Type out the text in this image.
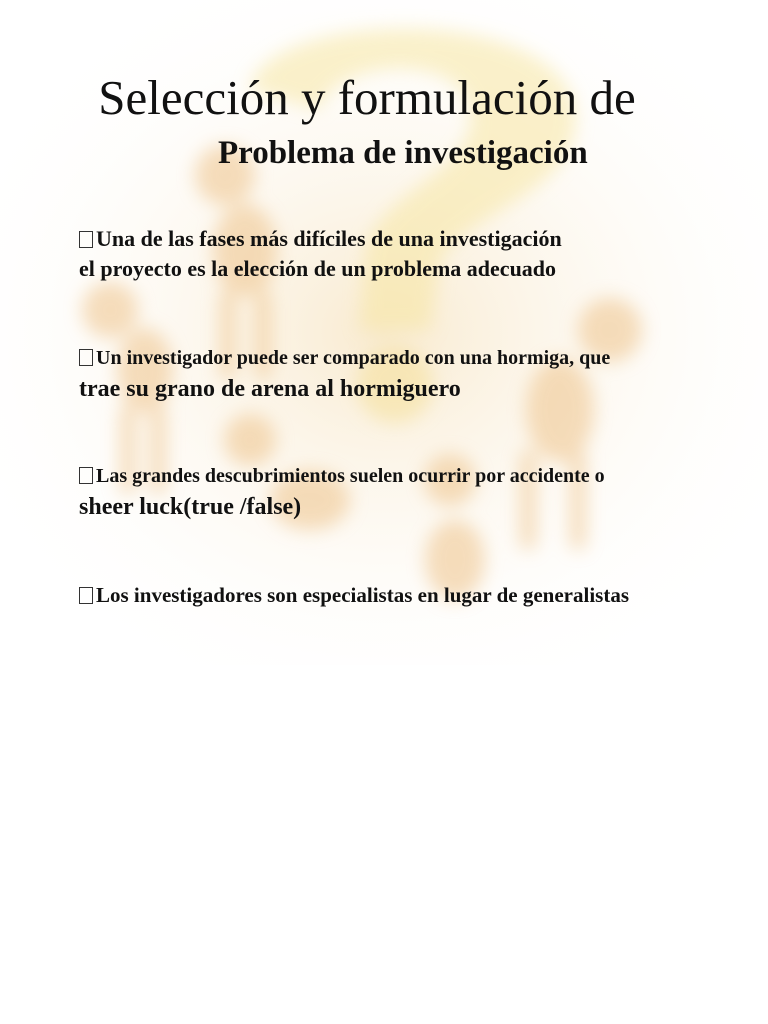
Selección y formulación de
Problema de investigación
Una de las fases más difíciles de una investigación
el proyecto es la elección de un problema adecuado
Un investigador puede ser comparado con una hormiga, que
trae su grano de arena al hormiguero
Las grandes descubrimientos suelen ocurrir por accidente o
sheer luck(true /false)
Los investigadores son especialistas en lugar de generalistas
